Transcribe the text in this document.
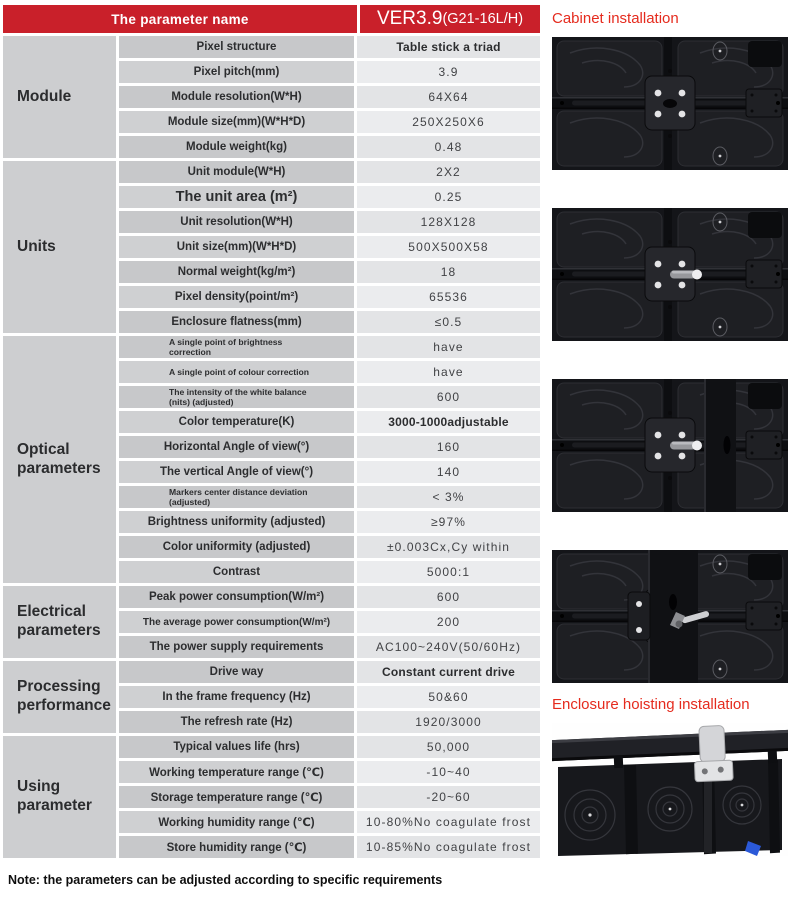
The parameter name	VER3.9 (G21-16L/H)
Module
Pixel structure	Table stick a triad
Pixel pitch(mm)	3.9
Module resolution(W*H)	64X64
Module size(mm)(W*H*D)	250X250X6
Module weight(kg)	0.48
Units
Unit module(W*H)	2X2
The unit area (m²)	0.25
Unit resolution(W*H)	128X128
Unit size(mm)(W*H*D)	500X500X58
Normal weight(kg/m²)	18
Pixel density(point/m²)	65536
Enclosure flatness(mm)	≤0.5
Optical parameters
A single point of brightness correction	have
A single point of colour correction	have
The intensity of the white balance (nits) (adjusted)	600
Color temperature(K)	3000-1000adjustable
Horizontal Angle of view(°)	160
The vertical Angle of view(°)	140
Markers center distance deviation (adjusted)	< 3%
Brightness uniformity (adjusted)	≥97%
Color uniformity (adjusted)	±0.003Cx,Cy within
Contrast	5000:1
Electrical parameters
Peak power consumption(W/m²)	600
The average power consumption(W/m²)	200
The power supply requirements	AC100~240V(50/60Hz)
Processing performance
Drive way	Constant current drive
In the frame frequency (Hz)	50&60
The refresh rate (Hz)	1920/3000
Using parameter
Typical values life (hrs)	50,000
Working temperature range (℃)	-10~40
Storage temperature range (℃)	-20~60
Working humidity range (℃)	10-80%No coagulate frost
Store humidity range (℃)	10-85%No coagulate frost
Note: the parameters can be adjusted according to specific requirements
Cabinet installation
Enclosure hoisting installation
